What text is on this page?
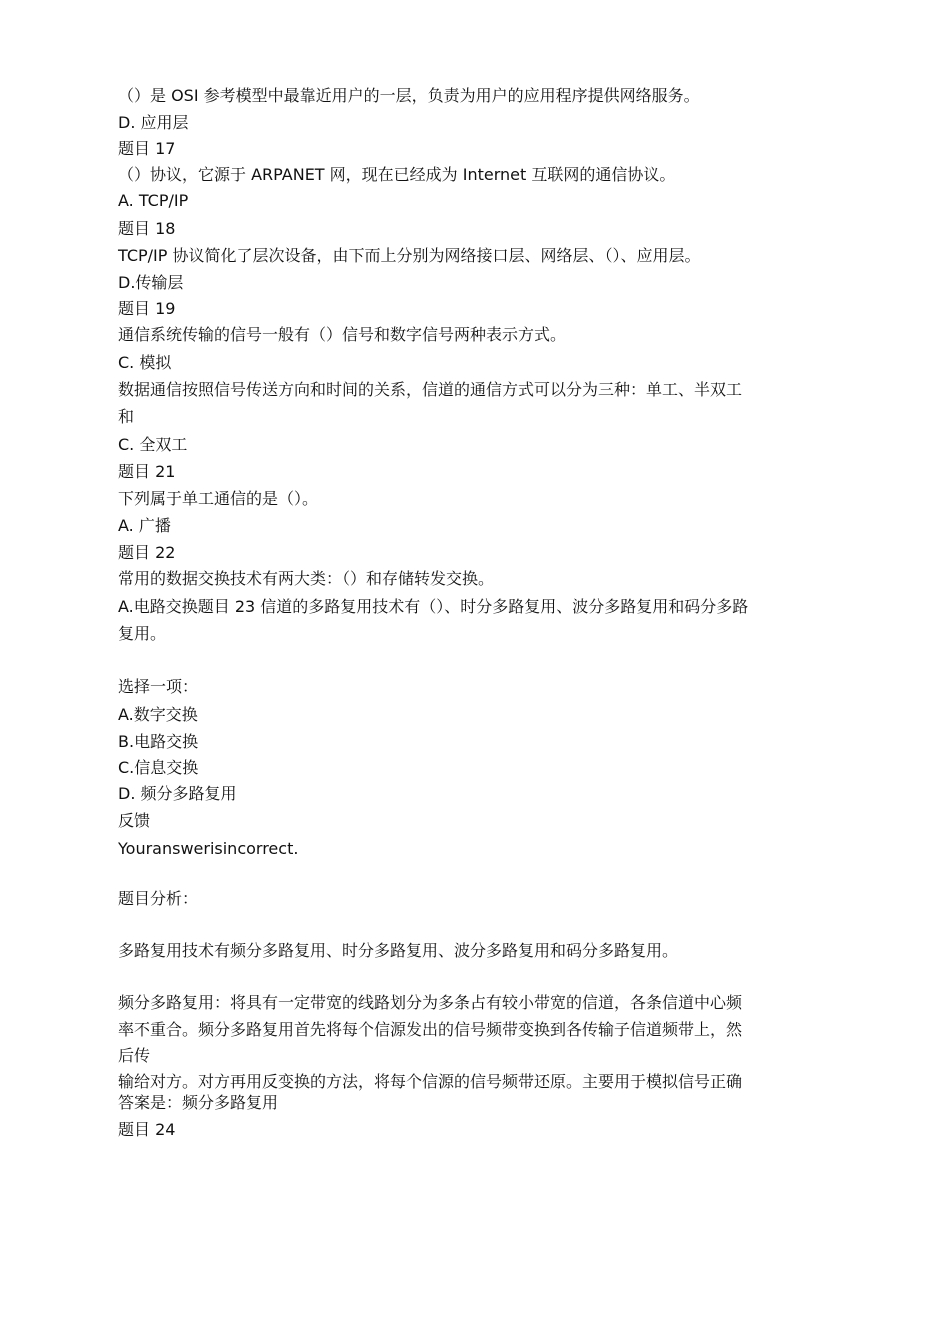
（）是 OSI 参考模型中最靠近用户的一层，负责为用户的应用程序提供网络服务。

D. 应用层

题目 17

（）协议，它源于 ARPANET 网，现在已经成为 Internet 互联网的通信协议。

A. TCP/IP

题目 18

TCP/IP 协议简化了层次设备，由下而上分别为网络接口层、网络层、（）、应用层。

D.传输层

题目 19

通信系统传输的信号一般有（）信号和数字信号两种表示方式。

C. 模拟

数据通信按照信号传送方向和时间的关系，信道的通信方式可以分为三种：单工、半双工

和

C. 全双工

题目 21

下列属于单工通信的是（）。

A. 广播

题目 22

常用的数据交换技术有两大类：（）和存储转发交换。

A.电路交换题目 23 信道的多路复用技术有（）、时分多路复用、波分多路复用和码分多路

复用。

选择一项：

A.数字交换

B.电路交换

C.信息交换

D. 频分多路复用

反馈

Youranswerisincorrect.

题目分析：

多路复用技术有频分多路复用、时分多路复用、波分多路复用和码分多路复用。

频分多路复用：将具有一定带宽的线路划分为多条占有较小带宽的信道，各条信道中心频

率不重合。频分多路复用首先将每个信源发出的信号频带变换到各传输子信道频带上，然

后传

输给对方。对方再用反变换的方法，将每个信源的信号频带还原。主要用于模拟信号正确

答案是：频分多路复用

题目 24
